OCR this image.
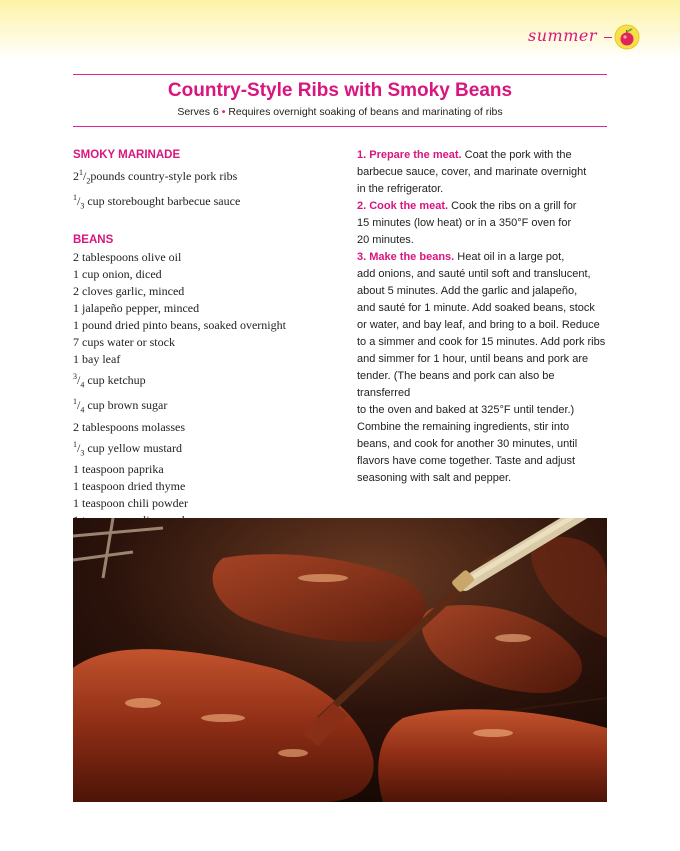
summer
Country-Style Ribs with Smoky Beans
Serves 6 • Requires overnight soaking of beans and marinating of ribs
SMOKY MARINADE
$2^1/_2pounds$ country-style pork ribs
$^1/_3$ cup storebought barbecue sauce
BEANS
2 tablespoons olive oil
1 cup onion, diced
2 cloves garlic, minced
1 jalapeño pepper, minced
1 pound dried pinto beans, soaked overnight
7 cups water or stock
1 bay leaf
$^3/_4$ cup ketchup
$^1/_4$ cup brown sugar
2 tablespoons molasses
$^1/_3$ cup yellow mustard
1 teaspoon paprika
1 teaspoon dried thyme
1 teaspoon chili powder
1. Prepare the meat. Coat the pork with the
barbecue sauce, cover, and marinate overnight
in the refrigerator.
2. Cook the meat. Cook the ribs on a grill for
15 minutes (low heat) or in a 350°F oven for
20 minutes.
3. Make the beans. Heat oil in a large pot,
add onions, and sauté until soft and translucent,
about 5 minutes. Add the garlic and jalapeño,
and sauté for 1 minute. Add soaked beans, stock
or water, and bay leaf, and bring to a boil. Reduce
to a simmer and cook for 15 minutes. Add pork ribs
and simmer for 1 hour, until beans and pork are
tender. (The beans and pork can also be transferred
to the oven and baked at 325°F until tender.)
Combine the remaining ingredients, stir into
beans, and cook for another 30 minutes, until
flavors have come together. Taste and adjust
seasoning with salt and pepper.
